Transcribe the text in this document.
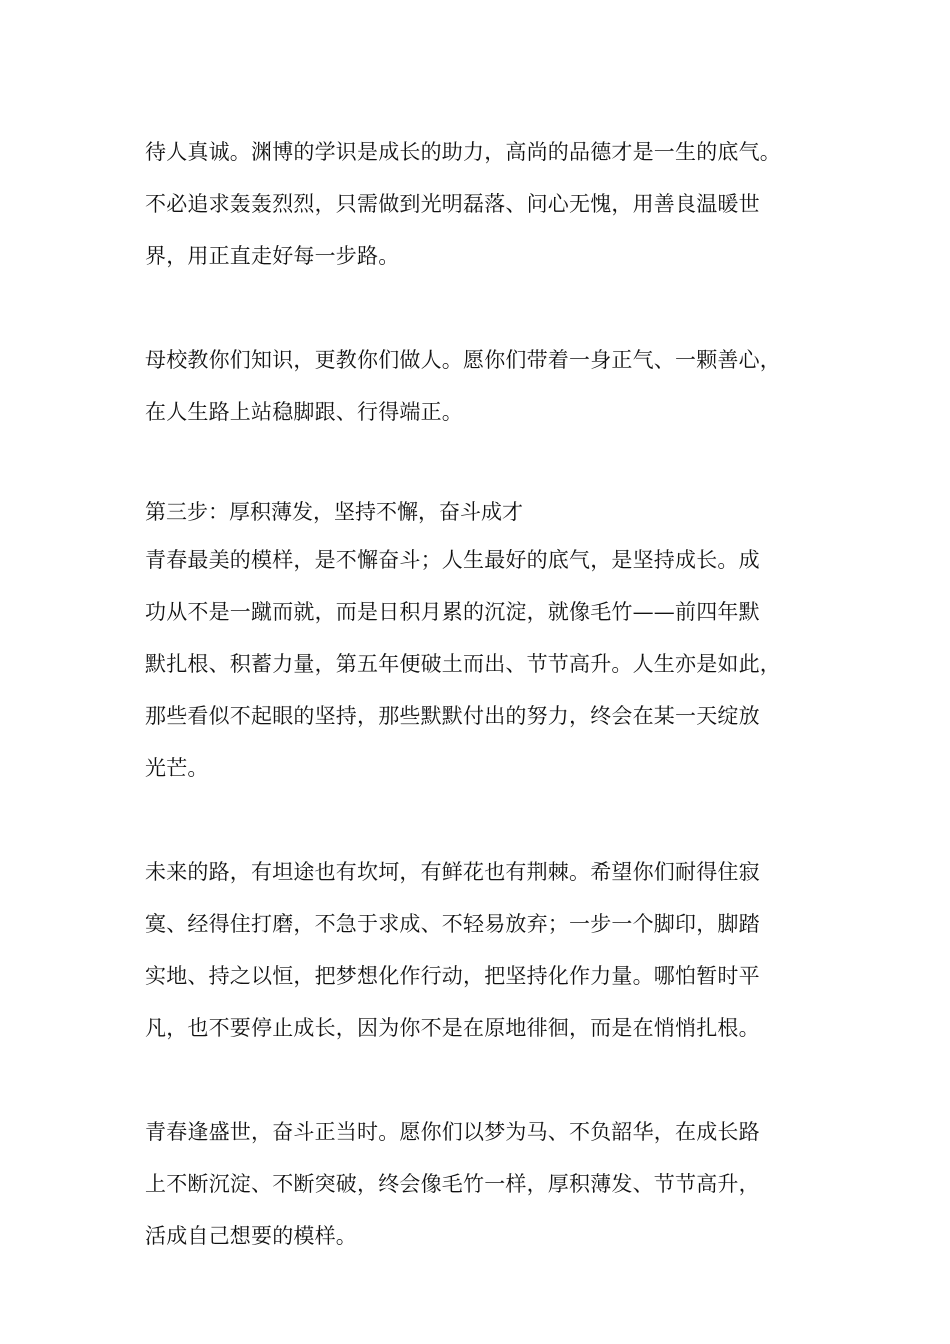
待人真诚。渊博的学识是成长的助力，高尚的品德才是一生的底气。
不必追求轰轰烈烈，只需做到光明磊落、问心无愧，用善良温暖世
界，用正直走好每一步路。
母校教你们知识，更教你们做人。愿你们带着一身正气、一颗善心，
在人生路上站稳脚跟、行得端正。
第三步：厚积薄发，坚持不懈，奋斗成才
青春最美的模样，是不懈奋斗；人生最好的底气，是坚持成长。成
功从不是一蹴而就，而是日积月累的沉淀，就像毛竹——前四年默
默扎根、积蓄力量，第五年便破土而出、节节高升。人生亦是如此，
那些看似不起眼的坚持，那些默默付出的努力，终会在某一天绽放
光芒。
未来的路，有坦途也有坎坷，有鲜花也有荆棘。希望你们耐得住寂
寞、经得住打磨，不急于求成、不轻易放弃；一步一个脚印，脚踏
实地、持之以恒，把梦想化作行动，把坚持化作力量。哪怕暂时平
凡，也不要停止成长，因为你不是在原地徘徊，而是在悄悄扎根。
青春逢盛世，奋斗正当时。愿你们以梦为马、不负韶华，在成长路
上不断沉淀、不断突破，终会像毛竹一样，厚积薄发、节节高升，
活成自己想要的模样。
